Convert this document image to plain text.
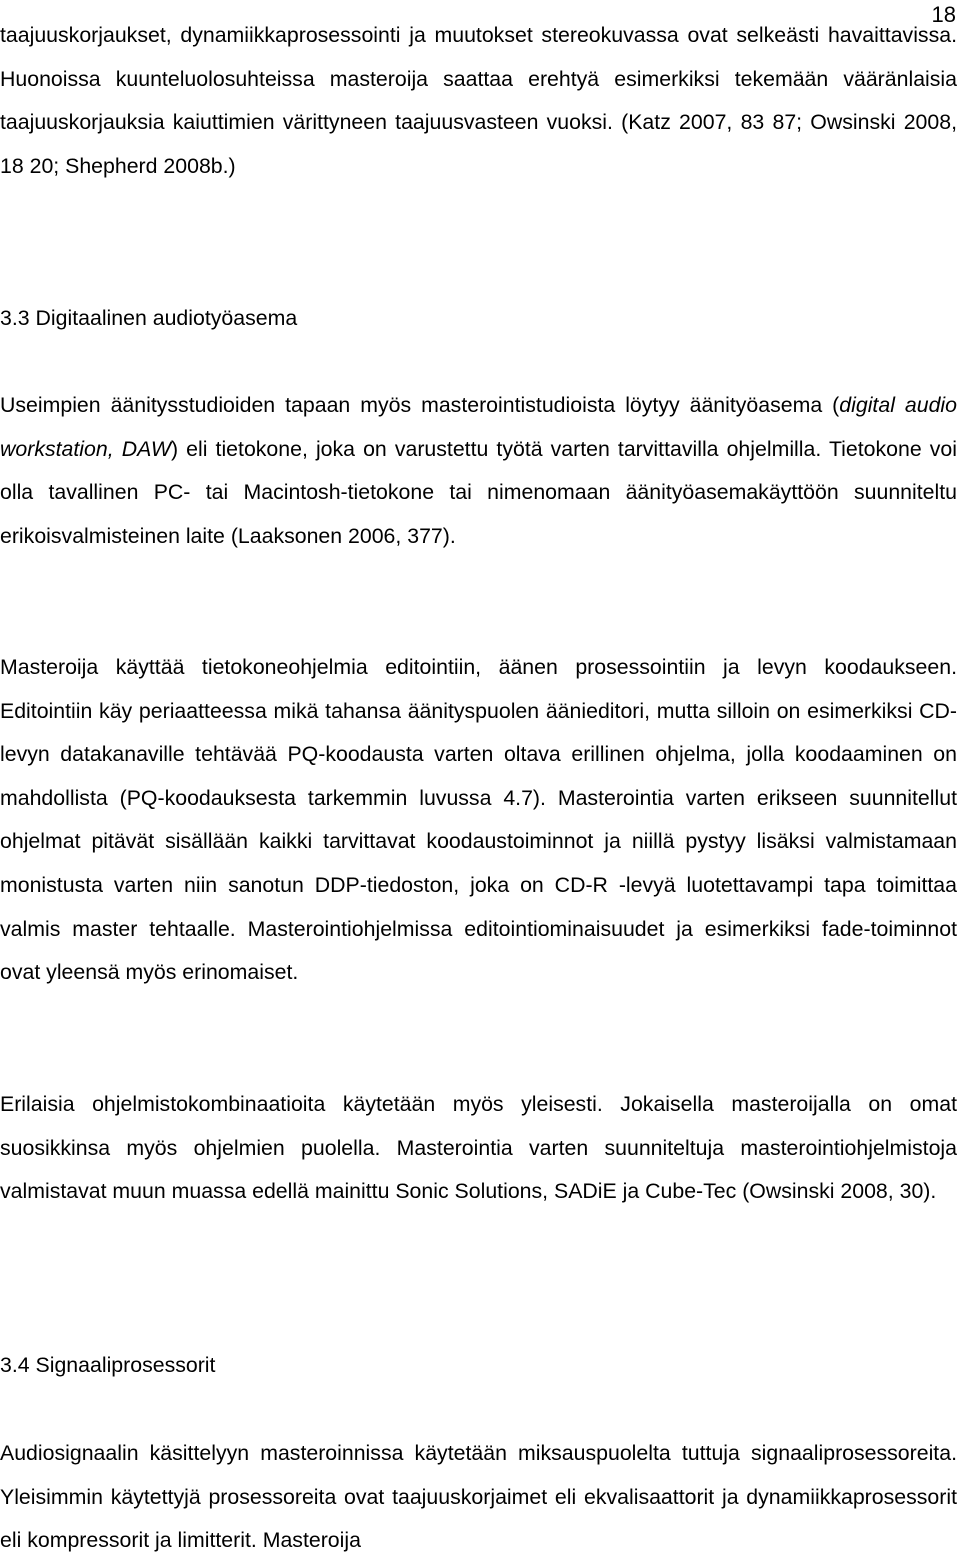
18

taajuuskorjaukset, dynamiikkaprosessointi ja muutokset stereokuvassa ovat selkeästi havaittavissa. Huonoissa kuunteluolosuhteissa masteroija saattaa erehtyä esimerkiksi tekemään vääränlaisia taajuuskorjauksia kaiuttimien värittyneen taajuusvasteen vuoksi. (Katz 2007, 83 87; Owsinski 2008, 18 20; Shepherd 2008b.)

3.3 Digitaalinen audiotyöasema

Useimpien äänitysstudioiden tapaan myös masterointistudioista löytyy äänityöasema (digital audio workstation, DAW) eli tietokone, joka on varustettu työtä varten tarvittavilla ohjelmilla. Tietokone voi olla tavallinen PC- tai Macintosh-tietokone tai nimenomaan äänityöasemakäyttöön suunniteltu erikoisvalmisteinen laite (Laaksonen 2006, 377).

Masteroija käyttää tietokoneohjelmia editointiin, äänen prosessointiin ja levyn koodaukseen. Editointiin käy periaatteessa mikä tahansa äänityspuolen äänieditori, mutta silloin on esimerkiksi CD-levyn datakanaville tehtävää PQ-koodausta varten oltava erillinen ohjelma, jolla koodaaminen on mahdollista (PQ-koodauksesta tarkemmin luvussa 4.7). Masterointia varten erikseen suunnitellut ohjelmat pitävät sisällään kaikki tarvittavat koodaustoiminnot ja niillä pystyy lisäksi valmistamaan monistusta varten niin sanotun DDP-tiedoston, joka on CD-R -levyä luotettavampi tapa toimittaa valmis master tehtaalle. Masterointiohjelmissa editointiominaisuudet ja esimerkiksi fade-toiminnot ovat yleensä myös erinomaiset.

Erilaisia ohjelmistokombinaatioita käytetään myös yleisesti. Jokaisella masteroijalla on omat suosikkinsa myös ohjelmien puolella. Masterointia varten suunniteltuja masterointiohjelmistoja valmistavat muun muassa edellä mainittu Sonic Solutions, SADiE ja Cube-Tec (Owsinski 2008, 30).

3.4 Signaaliprosessorit

Audiosignaalin käsittelyyn masteroinnissa käytetään miksauspuolelta tuttuja signaaliprosessoreita. Yleisimmin käytettyjä prosessoreita ovat taajuuskorjaimet eli ekvalisaattorit ja dynamiikkaprosessorit eli kompressorit ja limitterit. Masteroija
